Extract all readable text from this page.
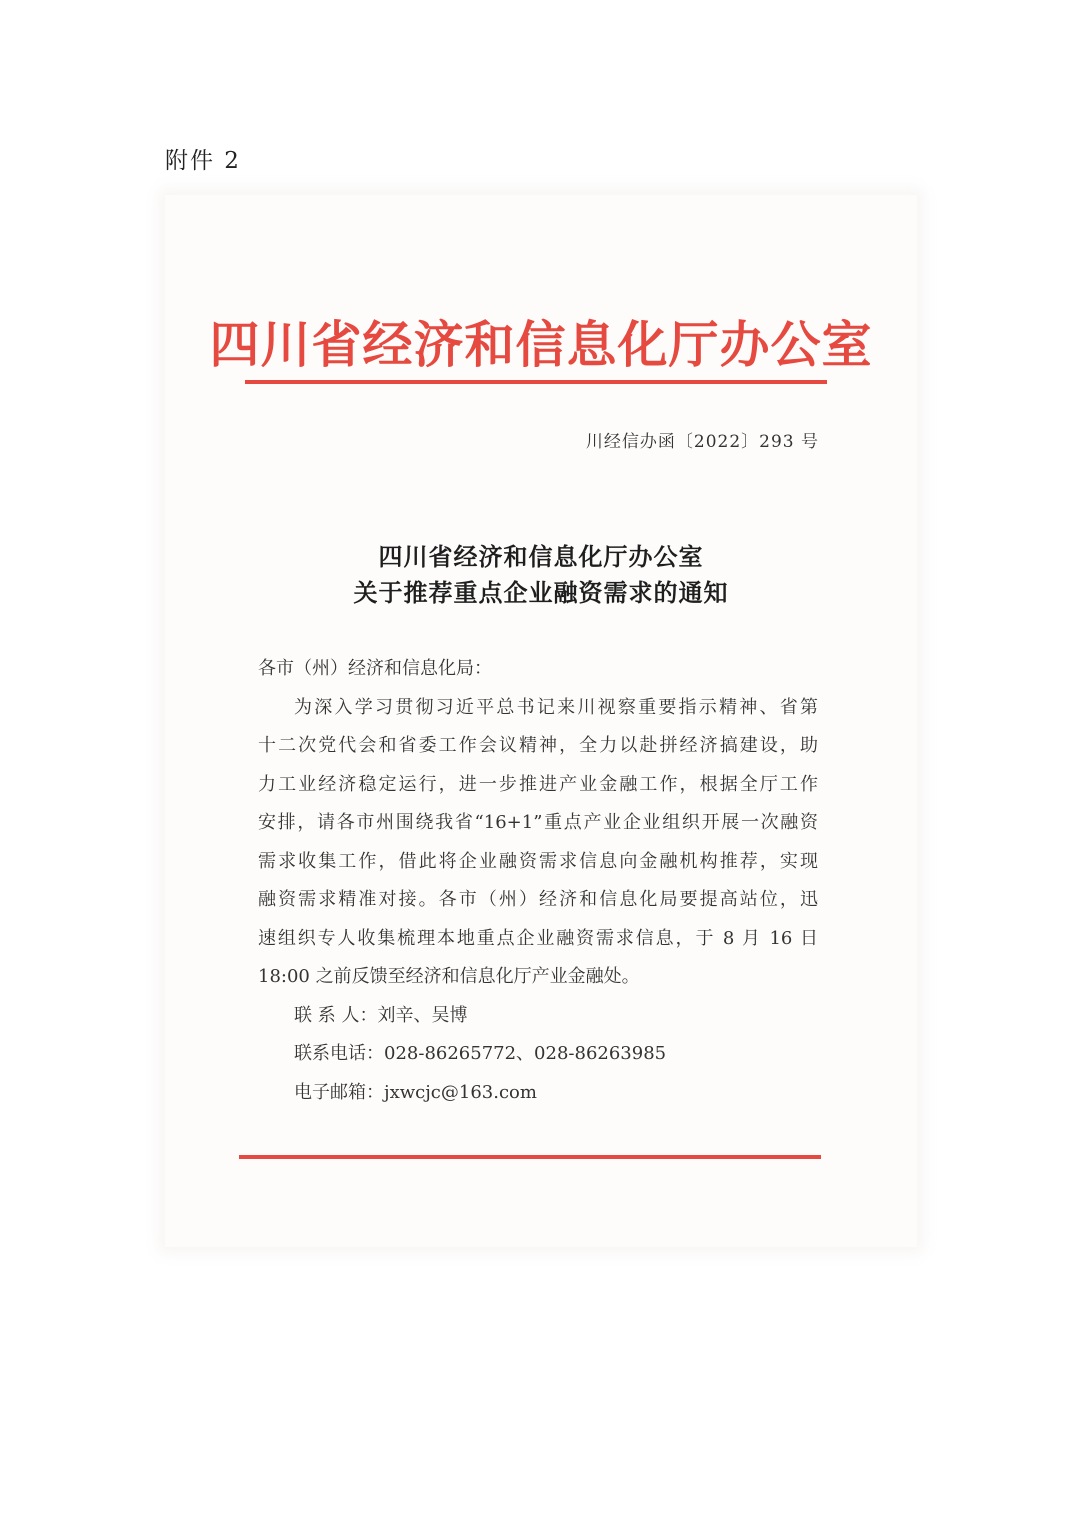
附件 2
四川省经济和信息化厅办公室
川经信办函〔2022〕293 号
四川省经济和信息化厅办公室
关于推荐重点企业融资需求的通知
各市（州）经济和信息化局：
为深入学习贯彻习近平总书记来川视察重要指示精神、省第
十二次党代会和省委工作会议精神，全力以赴拼经济搞建设，助
力工业经济稳定运行，进一步推进产业金融工作，根据全厅工作
安排，请各市州围绕我省“16+1”重点产业企业组织开展一次融资
需求收集工作，借此将企业融资需求信息向金融机构推荐，实现
融资需求精准对接。各市（州）经济和信息化局要提高站位，迅
速组织专人收集梳理本地重点企业融资需求信息，于 8 月 16 日
18:00 之前反馈至经济和信息化厅产业金融处。
联 系 人：刘辛、吴博
联系电话：028-86265772、028-86263985
电子邮箱：jxwcjc@163.com
